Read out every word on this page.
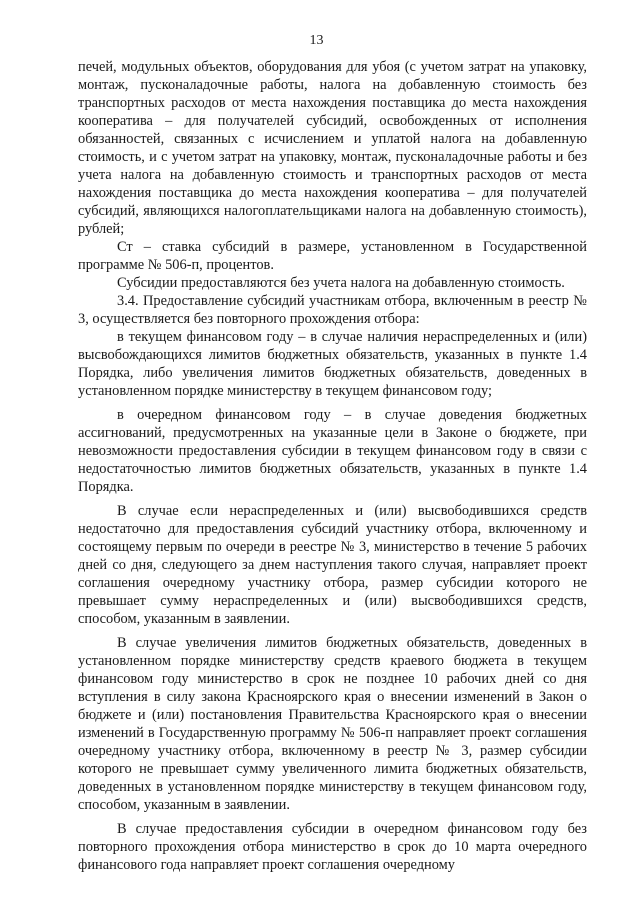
13

печей, модульных объектов, оборудования для убоя (с учетом затрат на упаковку, монтаж, пусконаладочные работы, налога на добавленную стоимость без транспортных расходов от места нахождения поставщика до места нахождения кооператива – для получателей субсидий, освобожденных от исполнения обязанностей, связанных с исчислением и уплатой налога на добавленную стоимость, и с учетом затрат на упаковку, монтаж, пусконаладочные работы и без учета налога на добавленную стоимость и транспортных расходов от места нахождения поставщика до места нахождения кооператива – для получателей субсидий, являющихся налогоплательщиками налога на добавленную стоимость), рублей;

Ст – ставка субсидий в размере, установленном в Государственной программе № 506-п, процентов.

Субсидии предоставляются без учета налога на добавленную стоимость.

3.4. Предоставление субсидий участникам отбора, включенным в реестр № 3, осуществляется без повторного прохождения отбора:

в текущем финансовом году – в случае наличия нераспределенных и (или) высвобождающихся лимитов бюджетных обязательств, указанных в пункте 1.4 Порядка, либо увеличения лимитов бюджетных обязательств, доведенных в установленном порядке министерству в текущем финансовом году;

в очередном финансовом году – в случае доведения бюджетных ассигнований, предусмотренных на указанные цели в Законе о бюджете, при невозможности предоставления субсидии в текущем финансовом году в связи с недостаточностью лимитов бюджетных обязательств, указанных в пункте 1.4 Порядка.

В случае если нераспределенных и (или) высвободившихся средств недостаточно для предоставления субсидий участнику отбора, включенному и состоящему первым по очереди в реестре № 3, министерство в течение 5 рабочих дней со дня, следующего за днем наступления такого случая, направляет проект соглашения очередному участнику отбора, размер субсидии которого не превышает сумму нераспределенных и (или) высвободившихся средств, способом, указанным в заявлении.

В случае увеличения лимитов бюджетных обязательств, доведенных в установленном порядке министерству средств краевого бюджета в текущем финансовом году министерство в срок не позднее 10 рабочих дней со дня вступления в силу закона Красноярского края о внесении изменений в Закон о бюджете и (или) постановления Правительства Красноярского края о внесении изменений в Государственную программу № 506-п направляет проект соглашения очередному участнику отбора, включенному в реестр № 3, размер субсидии которого не превышает сумму увеличенного лимита бюджетных обязательств, доведенных в установленном порядке министерству в текущем финансовом году, способом, указанным в заявлении.

В случае предоставления субсидии в очередном финансовом году без повторного прохождения отбора министерство в срок до 10 марта очередного финансового года направляет проект соглашения очередному
